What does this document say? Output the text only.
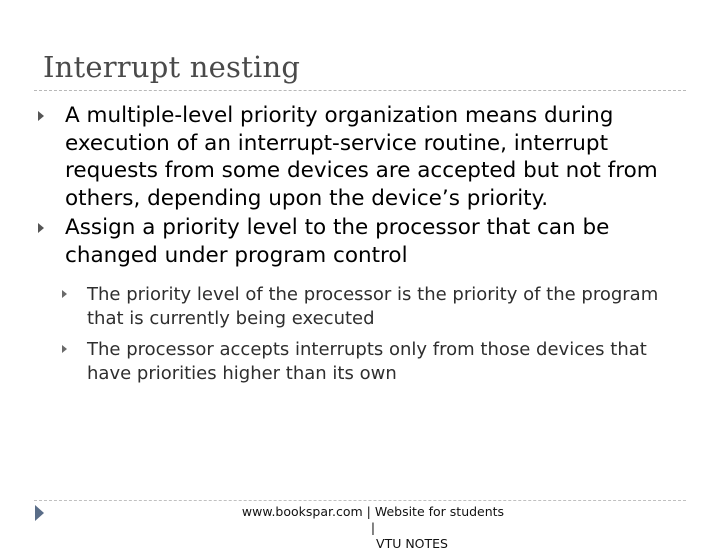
Interrupt nesting
A multiple-level priority organization means during execution of an interrupt-service routine, interrupt requests from some devices are accepted but not from others, depending upon the device’s priority.
Assign a priority level to the processor that can be changed under program control
The priority level of the processor is the priority of the program that is currently being executed
The processor accepts interrupts only from those devices that have priorities higher than its own
www.bookspar.com | Website for students |
VTU NOTES
